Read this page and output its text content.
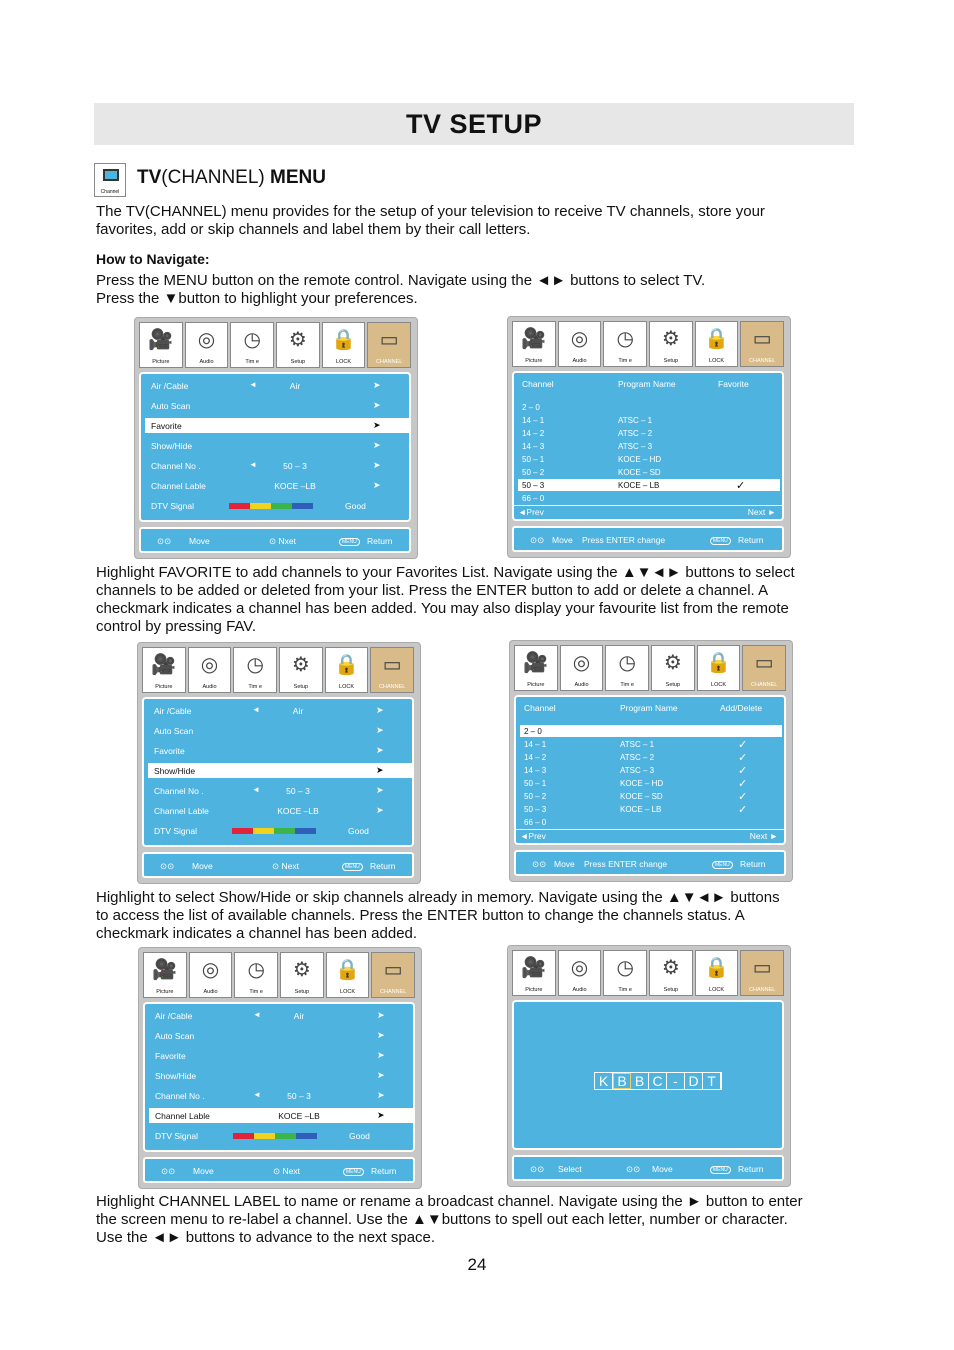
TV SETUP
Channel
TV(CHANNEL) MENU
The TV(CHANNEL) menu provides for the setup of your television to receive TV channels, store your favorites, add or skip channels and label them by their call letters.
How to Navigate:
Press the MENU button on the remote control. Navigate using the ◄► buttons to select TV.
Press the ▼button to highlight your preferences.
🎥
Picture
◎
Audio
◷
Tim e
⚙
Setup
🔒
LOCK
▭
CHANNEL
Air /Cable	◄	Air	➤
Auto Scan	➤
Favorite	➤
Show/Hide	➤
Channel No .	◄	50 – 3	➤
Channel Lable	KOCE –LB	➤
DTV Signal	Good
⊙⊙ Move	⊙ Nxet	MENU	Return
🎥
Picture
◎
Audio
◷
Tim e
⚙
Setup
🔒
LOCK
▭
CHANNEL
Channel	Program Name	Favorite
2 – 0
14 – 1	ATSC – 1
14 – 2	ATSC – 2
14 – 3	ATSC – 3
50 – 1	KOCE – HD
50 – 2	KOCE – SD
50 – 3	KOCE – LB	✓
66 – 0
◄Prev	Next ►
⊙⊙ Move Press ENTER change	MENU	Return
Highlight FAVORITE to add channels to your Favorites List. Navigate using the ▲▼◄► buttons to select channels to be added or deleted from your list. Press the ENTER button to add or delete a channel. A checkmark indicates a channel has been added. You may also display your favourite list from the remote control by pressing FAV.
🎥
Picture
◎
Audio
◷
Tim e
⚙
Setup
🔒
LOCK
▭
CHANNEL
Air /Cable	◄	Air	➤
Auto Scan	➤
Favorite	➤
Show/Hide	➤
Channel No .	◄	50 – 3	➤
Channel Lable	KOCE –LB	➤
DTV Signal	Good
⊙⊙ Move	⊙ Next	MENU	Return
🎥
Picture
◎
Audio
◷
Tim e
⚙
Setup
🔒
LOCK
▭
CHANNEL
Channel	Program Name	Add/Delete
2 – 0
14 – 1	ATSC – 1	✓
14 – 2	ATSC – 2	✓
14 – 3	ATSC – 3	✓
50 – 1	KOCE – HD	✓
50 – 2	KOCE – SD	✓
50 – 3	KOCE – LB	✓
66 – 0
◄Prev	Next ►
⊙⊙ Move Press ENTER change	MENU	Return
Highlight to select Show/Hide or skip channels already in memory. Navigate using the ▲▼◄► buttons to access the list of available channels. Press the ENTER button to change the channels status. A checkmark indicates a channel has been added.
🎥
Picture
◎
Audio
◷
Tim e
⚙
Setup
🔒
LOCK
▭
CHANNEL
Air /Cable	◄	Air	➤
Auto Scan	➤
Favorite	➤
Show/Hide	➤
Channel No .	◄	50 – 3	➤
Channel Lable	KOCE –LB	➤
DTV Signal	Good
⊙⊙ Move	⊙ Next	MENU	Return
🎥
Picture
◎
Audio
◷
Tim e
⚙
Setup
🔒
LOCK
▭
CHANNEL
K B B C - D T
⊙⊙ Select	⊙⊙ Move	MENU	Return
Highlight CHANNEL LABEL to name or rename a broadcast channel. Navigate using the ► button to enter the screen menu to re-label a channel. Use the ▲▼buttons to spell out each letter, number or character. Use the ◄► buttons to advance to the next space.
24
